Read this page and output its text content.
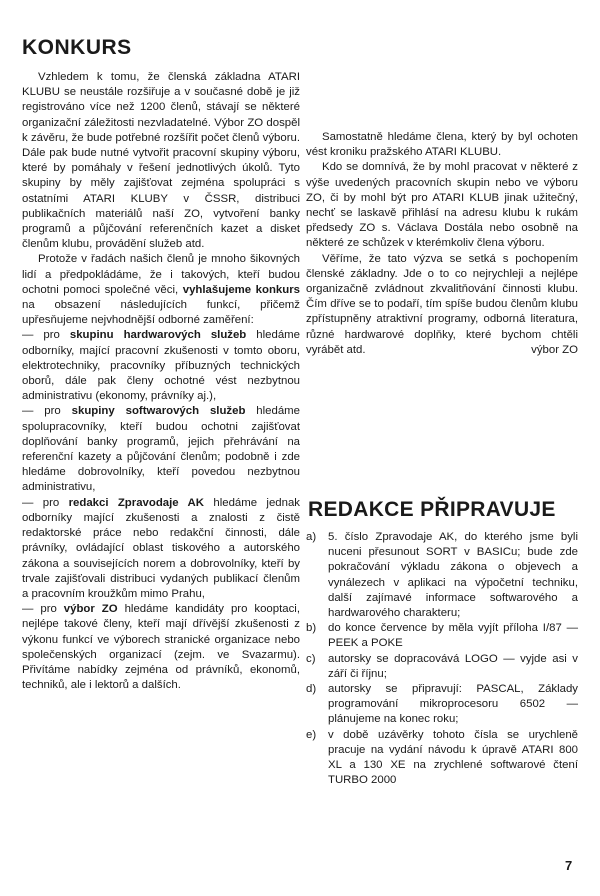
KONKURS

Vzhledem k tomu, že členská základna ATARI KLUBU se neustále rozšiřuje a v současné době je již registrováno více než 1200 členů, stávají se některé organizační záležitosti nezvladatelné. Výbor ZO dospěl k závěru, že bude potřebné rozšířit počet členů výboru. Dále pak bude nutné vytvořit pracovní skupiny výboru, které by pomáhaly v řešení jednotlivých úkolů. Tyto skupiny by měly zajišťovat zejména spolupráci s ostatními ATARI KLUBY v ČSSR, distribuci publikačních materiálů naší ZO, vytvoření banky programů a půjčování referenčních kazet a disket členům klubu, provádění služeb atd.

Protože v řadách našich členů je mnoho šikovných lidí a předpokládáme, že i takových, kteří budou ochotni pomoci společné věci, vyhlašujeme konkurs na obsazení následujících funkcí, přičemž upřesňujeme nejvhodnější odborné zaměření:

— pro skupinu hardwarových služeb hledáme odborníky, mající pracovní zkušenosti v tomto oboru, elektrotechniky, pracovníky příbuzných technických oborů, dále pak členy ochotné vést nezbytnou administrativu (ekonomy, právníky aj.),

— pro skupiny softwarových služeb hledáme spolupracovníky, kteří budou ochotni zajišťovat doplňování banky programů, jejich přehrávání na referenční kazety a půjčování členům; podobně i zde hledáme dobrovolníky, kteří povedou nezbytnou administrativu,

— pro redakci Zpravodaje AK hledáme jednak odborníky mající zkušenosti a znalosti z čistě redaktorské práce nebo redakční činnosti, dále právníky, ovládající oblast tiskového a autorského zákona a souvisejících norem a dobrovolníky, kteří by trvale zajišťovali distribuci vydaných publikací členům a pracovním kroužkům mimo Prahu,

— pro výbor ZO hledáme kandidáty pro kooptaci, nejlépe takové členy, kteří mají dřívější zkušenosti z výkonu funkcí ve výborech stranické organizace nebo společenských organizací (zejm. ve Svazarmu). Přivítáme nabídky zejména od právníků, ekonomů, techniků, ale i lektorů a dalších.

Samostatně hledáme člena, který by byl ochoten vést kroniku pražského ATARI KLUBU.

Kdo se domnívá, že by mohl pracovat v některé z výše uvedených pracovních skupin nebo ve výboru ZO, či by mohl být pro ATARI KLUB jinak užitečný, nechť se laskavě přihlásí na adresu klubu k rukám předsedy ZO s. Václava Dostála nebo osobně na některé ze schůzek v kterémkoliv člena výboru.

Věříme, že tato výzva se setká s pochopením členské základny. Jde o to co nejrychleji a nejlépe organizačně zvládnout zkvalitňování činnosti klubu. Čím dříve se to podaří, tím spíše budou členům klubu zpřístupněny atraktivní programy, odborná literatura, různé hardwarové doplňky, které bychom chtěli vyrábět atd.	výbor ZO

REDAKCE PŘIPRAVUJE
a)	5. číslo Zpravodaje AK, do kterého jsme byli nuceni přesunout SORT v BASICu; bude zde pokračování výkladu zákona o objevech a vynálezech v aplikaci na výpočetní techniku, další zajímavé informace softwarového a hardwarového charakteru;
b)	do konce července by měla vyjít příloha I/87 — PEEK a POKE
c)	autorsky se dopracovává LOGO — vyjde asi v září či říjnu;
d)	autorsky se připravují: PASCAL, Základy programování mikroprocesoru 6502 — plánujeme na konec roku;
e)	v době uzávěrky tohoto čísla se urychleně pracuje na vydání návodu k úpravě ATARI 800 XL a 130 XE na zrychlené softwarové čtení TURBO 2000
7
